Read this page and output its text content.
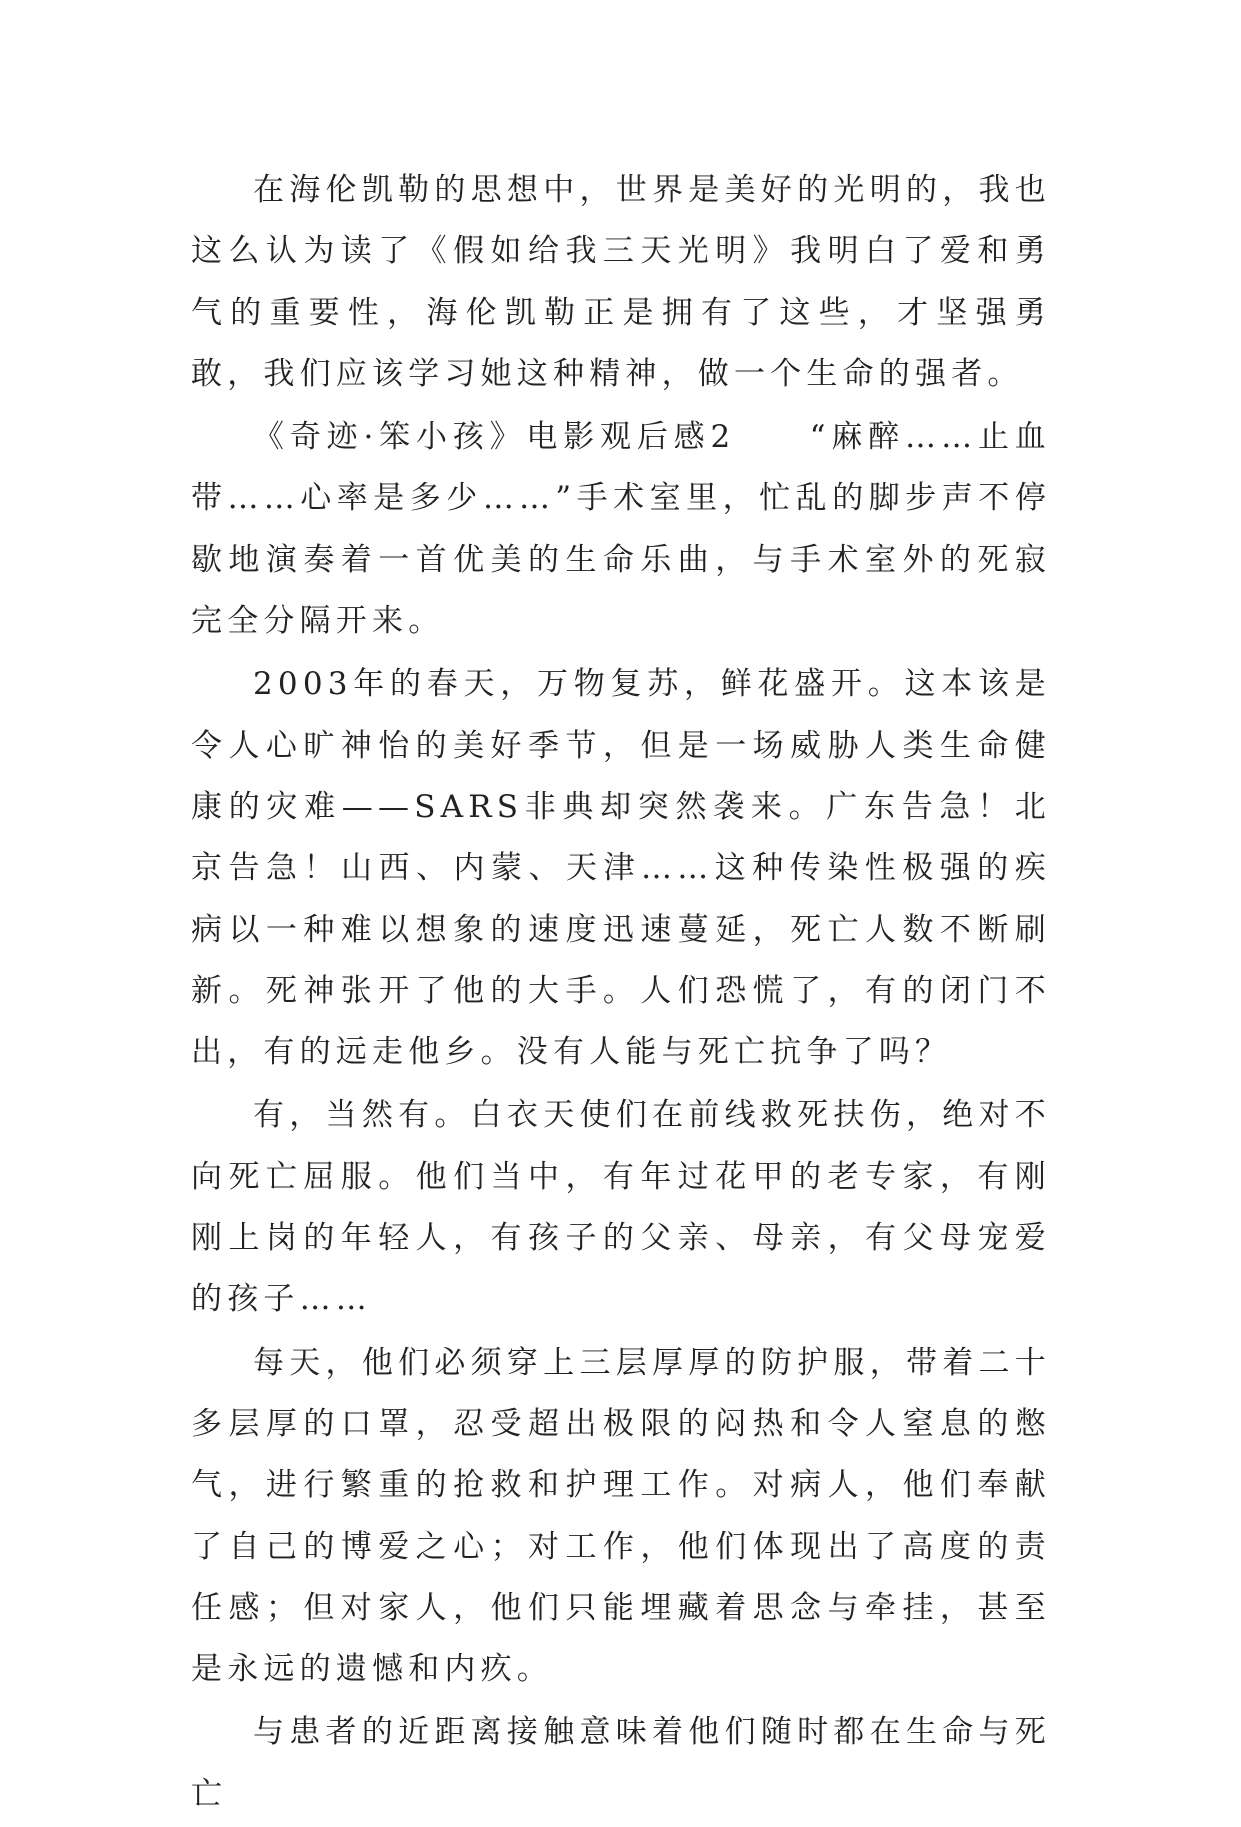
在海伦凯勒的思想中，世界是美好的光明的，我也这么认为读了《假如给我三天光明》我明白了爱和勇气的重要性，海伦凯勒正是拥有了这些，才坚强勇敢，我们应该学习她这种精神，做一个生命的强者。

《奇迹·笨小孩》电影观后感2　　“麻醉……止血带……心率是多少……”手术室里，忙乱的脚步声不停歇地演奏着一首优美的生命乐曲，与手术室外的死寂完全分隔开来。

2003年的春天，万物复苏，鲜花盛开。这本该是令人心旷神怡的美好季节，但是一场威胁人类生命健康的灾难——SARS非典却突然袭来。广东告急！北京告急！山西、内蒙、天津……这种传染性极强的疾病以一种难以想象的速度迅速蔓延，死亡人数不断刷新。死神张开了他的大手。人们恐慌了，有的闭门不出，有的远走他乡。没有人能与死亡抗争了吗？

有，当然有。白衣天使们在前线救死扶伤，绝对不向死亡屈服。他们当中，有年过花甲的老专家，有刚刚上岗的年轻人，有孩子的父亲、母亲，有父母宠爱的孩子……

每天，他们必须穿上三层厚厚的防护服，带着二十多层厚的口罩，忍受超出极限的闷热和令人窒息的憋气，进行繁重的抢救和护理工作。对病人，他们奉献了自己的博爱之心；对工作，他们体现出了高度的责任感；但对家人，他们只能埋藏着思念与牵挂，甚至是永远的遗憾和内疚。

与患者的近距离接触意味着他们随时都在生命与死亡
